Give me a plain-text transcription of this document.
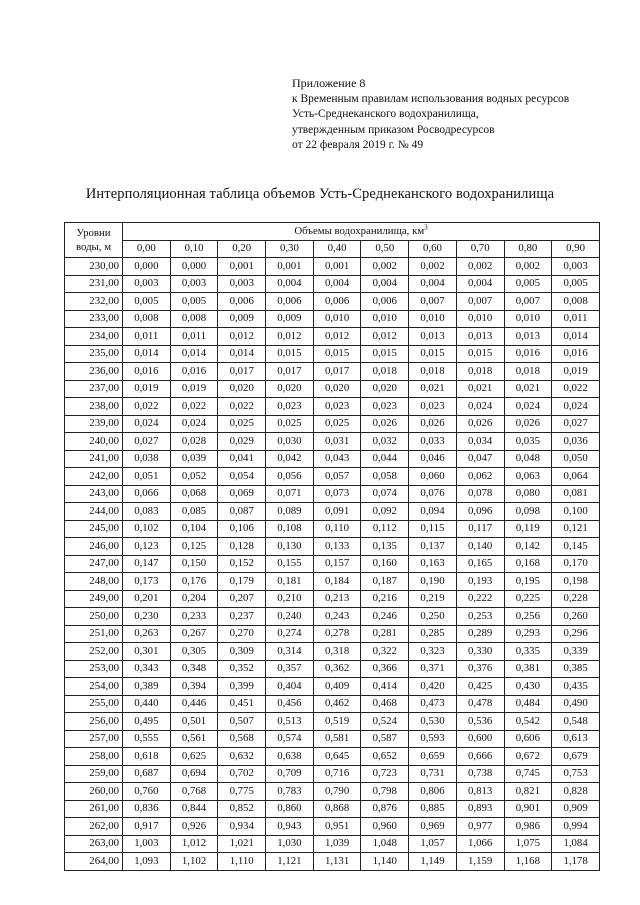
Приложение 8
к Временным правилам использования водных ресурсов
Усть-Среднеканского водохранилища,
утвержденным приказом Росводресурсов
от 22 февраля 2019 г. № 49
Интерполяционная таблица объемов Усть-Среднеканского водохранилища
Уровни
воды, м	Объемы водохранилища, $км^3$
	0,00	0,10	0,20	0,30	0,40	0,50	0,60	0,70	0,80	0,90
230,00	0,000	0,000	0,001	0,001	0,001	0,002	0,002	0,002	0,002	0,003
231,00	0,003	0,003	0,003	0,004	0,004	0,004	0,004	0,004	0,005	0,005
232,00	0,005	0,005	0,006	0,006	0,006	0,006	0,007	0,007	0,007	0,008
233,00	0,008	0,008	0,009	0,009	0,010	0,010	0,010	0,010	0,010	0,011
234,00	0,011	0,011	0,012	0,012	0,012	0,012	0,013	0,013	0,013	0,014
235,00	0,014	0,014	0,014	0,015	0,015	0,015	0,015	0,015	0,016	0,016
236,00	0,016	0,016	0,017	0,017	0,017	0,018	0,018	0,018	0,018	0,019
237,00	0,019	0,019	0,020	0,020	0,020	0,020	0,021	0,021	0,021	0,022
238,00	0,022	0,022	0,022	0,023	0,023	0,023	0,023	0,024	0,024	0,024
239,00	0,024	0,024	0,025	0,025	0,025	0,026	0,026	0,026	0,026	0,027
240,00	0,027	0,028	0,029	0,030	0,031	0,032	0,033	0,034	0,035	0,036
241,00	0,038	0,039	0,041	0,042	0,043	0,044	0,046	0,047	0,048	0,050
242,00	0,051	0,052	0,054	0,056	0,057	0,058	0,060	0,062	0,063	0,064
243,00	0,066	0,068	0,069	0,071	0,073	0,074	0,076	0,078	0,080	0,081
244,00	0,083	0,085	0,087	0,089	0,091	0,092	0,094	0,096	0,098	0,100
245,00	0,102	0,104	0,106	0,108	0,110	0,112	0,115	0,117	0,119	0,121
246,00	0,123	0,125	0,128	0,130	0,133	0,135	0,137	0,140	0,142	0,145
247,00	0,147	0,150	0,152	0,155	0,157	0,160	0,163	0,165	0,168	0,170
248,00	0,173	0,176	0,179	0,181	0,184	0,187	0,190	0,193	0,195	0,198
249,00	0,201	0,204	0,207	0,210	0,213	0,216	0,219	0,222	0,225	0,228
250,00	0,230	0,233	0,237	0,240	0,243	0,246	0,250	0,253	0,256	0,260
251,00	0,263	0,267	0,270	0,274	0,278	0,281	0,285	0,289	0,293	0,296
252,00	0,301	0,305	0,309	0,314	0,318	0,322	0,323	0,330	0,335	0,339
253,00	0,343	0,348	0,352	0,357	0,362	0,366	0,371	0,376	0,381	0,385
254,00	0,389	0,394	0,399	0,404	0,409	0,414	0,420	0,425	0,430	0,435
255,00	0,440	0,446	0,451	0,456	0,462	0,468	0,473	0,478	0,484	0,490
256,00	0,495	0,501	0,507	0,513	0,519	0,524	0,530	0,536	0,542	0,548
257,00	0,555	0,561	0,568	0,574	0,581	0,587	0,593	0,600	0,606	0,613
258,00	0,618	0,625	0,632	0,638	0,645	0,652	0,659	0,666	0,672	0,679
259,00	0,687	0,694	0,702	0,709	0,716	0,723	0,731	0,738	0,745	0,753
260,00	0,760	0,768	0,775	0,783	0,790	0,798	0,806	0,813	0,821	0,828
261,00	0,836	0,844	0,852	0,860	0,868	0,876	0,885	0,893	0,901	0,909
262,00	0,917	0,926	0,934	0,943	0,951	0,960	0,969	0,977	0,986	0,994
263,00	1,003	1,012	1,021	1,030	1,039	1,048	1,057	1,066	1,075	1,084
264,00	1,093	1,102	1,110	1,121	1,131	1,140	1,149	1,159	1,168	1,178
